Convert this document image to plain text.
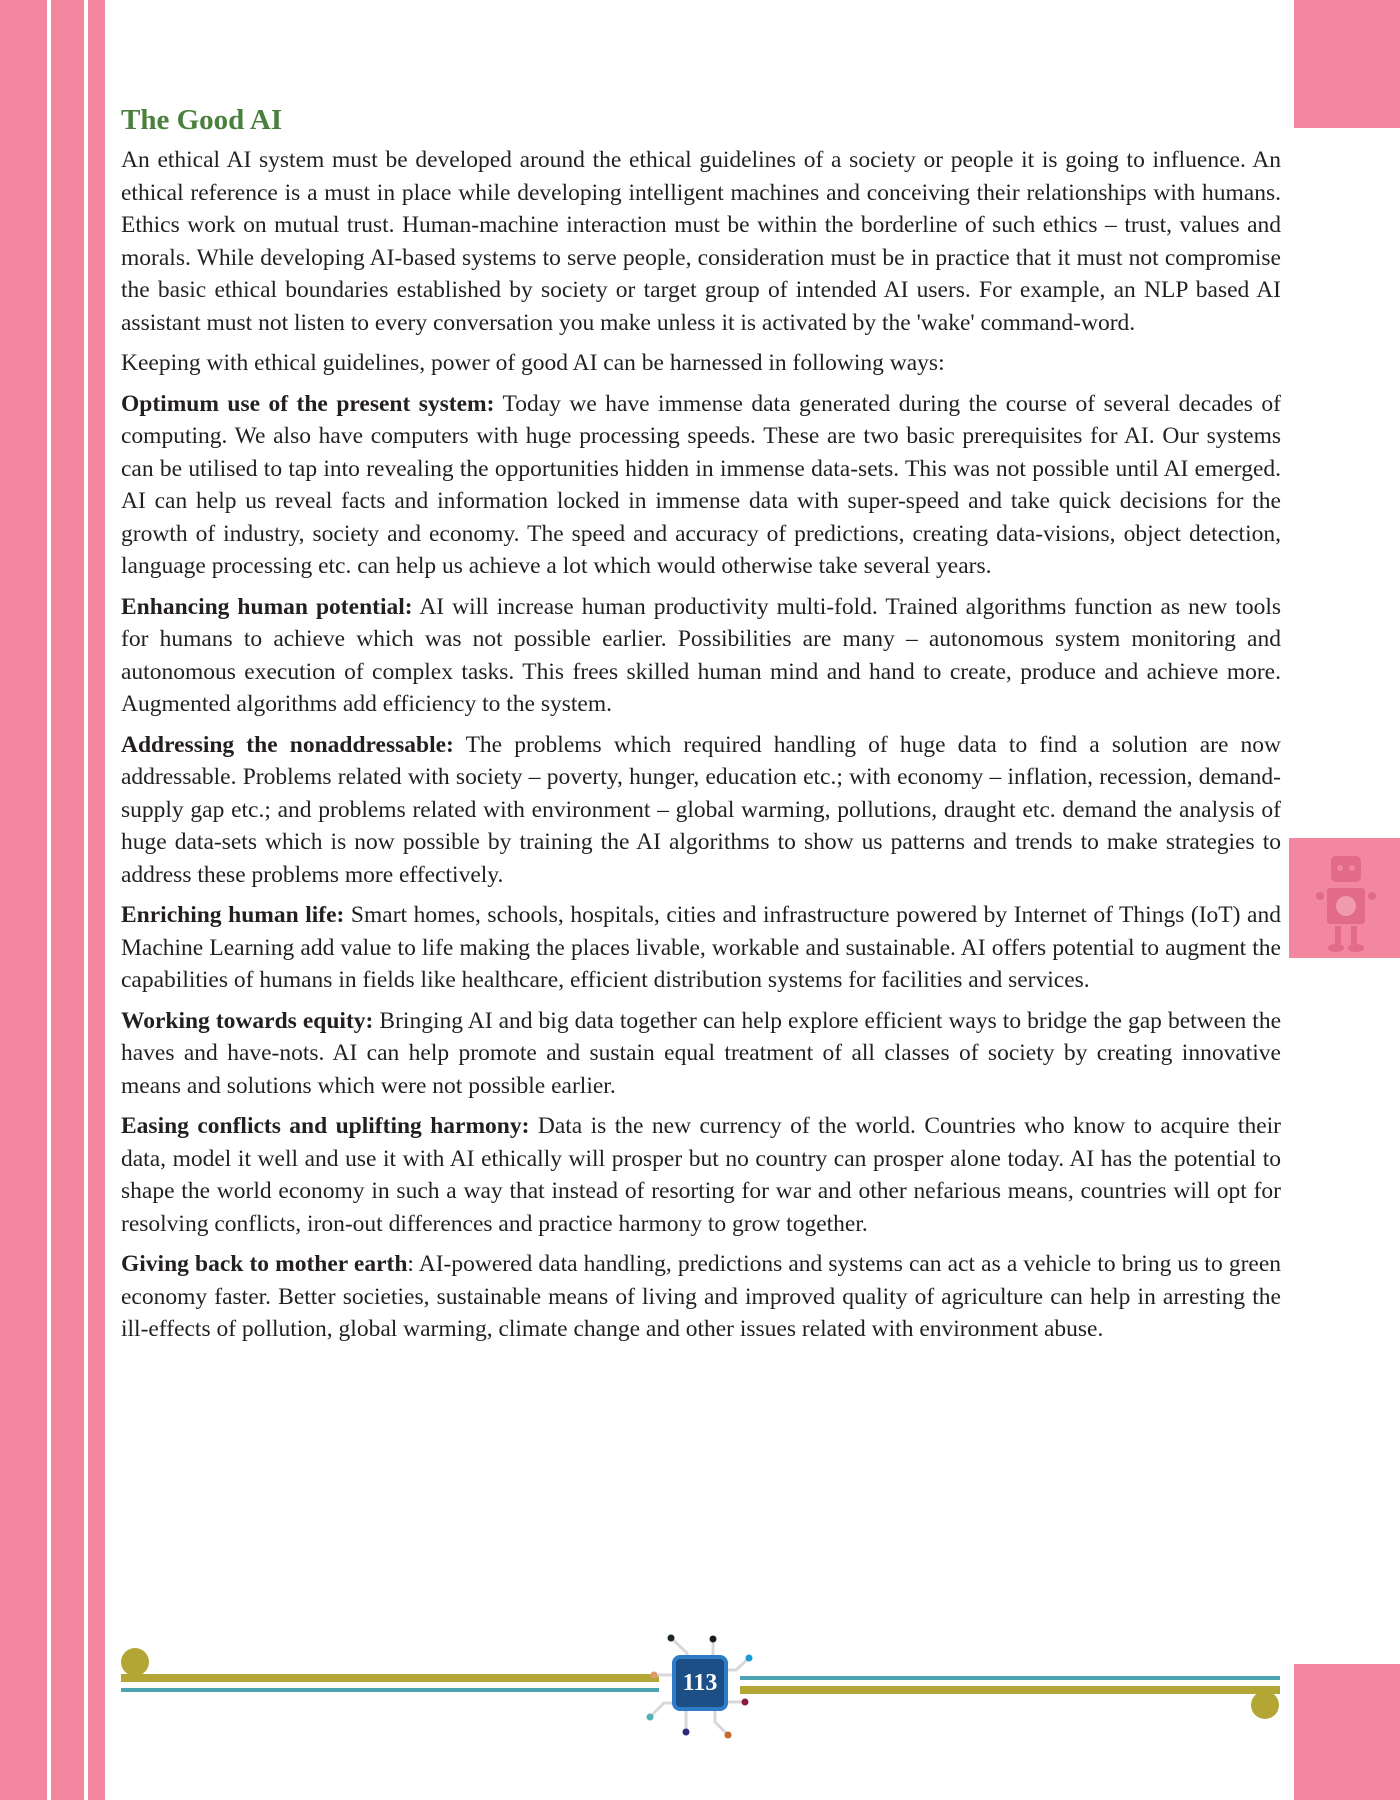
The Good AI

An ethical AI system must be developed around the ethical guidelines of a society or people it is going to influence. An ethical reference is a must in place while developing intelligent machines and conceiving their relationships with humans. Ethics work on mutual trust. Human-machine interaction must be within the borderline of such ethics – trust, values and morals. While developing AI-based systems to serve people, consideration must be in practice that it must not compromise the basic ethical boundaries established by society or target group of intended AI users. For example, an NLP based AI assistant must not listen to every conversation you make unless it is activated by the 'wake' command-word.

Keeping with ethical guidelines, power of good AI can be harnessed in following ways:

Optimum use of the present system: Today we have immense data generated during the course of several decades of computing. We also have computers with huge processing speeds. These are two basic prerequisites for AI. Our systems can be utilised to tap into revealing the opportunities hidden in immense data-sets. This was not possible until AI emerged. AI can help us reveal facts and information locked in immense data with super-speed and take quick decisions for the growth of industry, society and economy. The speed and accuracy of predictions, creating data-visions, object detection, language processing etc. can help us achieve a lot which would otherwise take several years.

Enhancing human potential: AI will increase human productivity multi-fold. Trained algorithms function as new tools for humans to achieve which was not possible earlier. Possibilities are many – autonomous system monitoring and autonomous execution of complex tasks. This frees skilled human mind and hand to create, produce and achieve more. Augmented algorithms add efficiency to the system.

Addressing the nonaddressable: The problems which required handling of huge data to find a solution are now addressable. Problems related with society – poverty, hunger, education etc.; with economy – inflation, recession, demand-supply gap etc.; and problems related with environment – global warming, pollutions, draught etc. demand the analysis of huge data-sets which is now possible by training the AI algorithms to show us patterns and trends to make strategies to address these problems more effectively.

Enriching human life: Smart homes, schools, hospitals, cities and infrastructure powered by Internet of Things (IoT) and Machine Learning add value to life making the places livable, workable and sustainable. AI offers potential to augment the capabilities of humans in fields like healthcare, efficient distribution systems for facilities and services.

Working towards equity: Bringing AI and big data together can help explore efficient ways to bridge the gap between the haves and have-nots. AI can help promote and sustain equal treatment of all classes of society by creating innovative means and solutions which were not possible earlier.

Easing conflicts and uplifting harmony: Data is the new currency of the world. Countries who know to acquire their data, model it well and use it with AI ethically will prosper but no country can prosper alone today. AI has the potential to shape the world economy in such a way that instead of resorting for war and other nefarious means, countries will opt for resolving conflicts, iron-out differences and practice harmony to grow together.

Giving back to mother earth: AI-powered data handling, predictions and systems can act as a vehicle to bring us to green economy faster. Better societies, sustainable means of living and improved quality of agriculture can help in arresting the ill-effects of pollution, global warming, climate change and other issues related with environment abuse.

113
